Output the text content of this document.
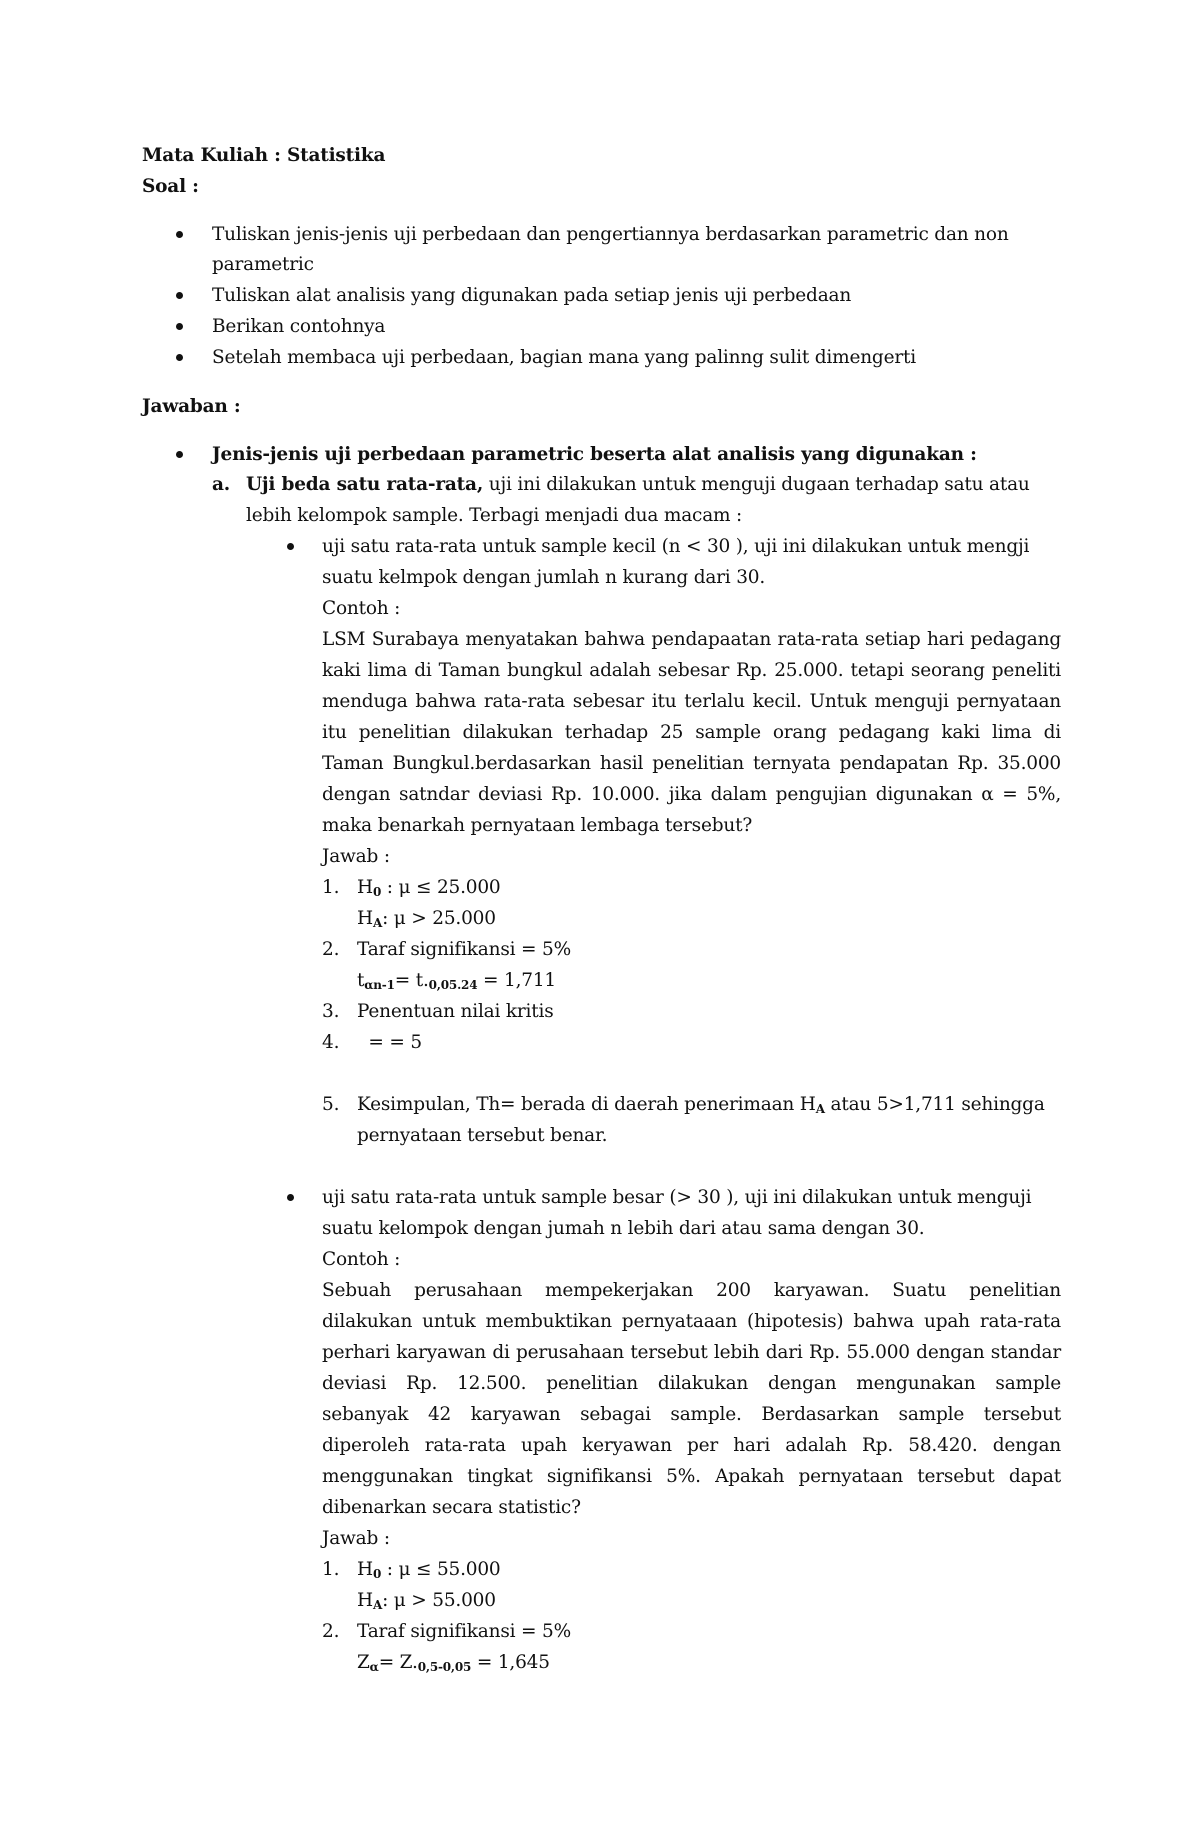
Mata Kuliah : Statistika
Soal :
Tuliskan jenis-jenis uji perbedaan dan pengertiannya berdasarkan parametric dan non
parametric
Tuliskan alat analisis yang digunakan pada setiap jenis uji perbedaan
Berikan contohnya
Setelah membaca uji perbedaan, bagian mana yang palinng sulit dimengerti
Jawaban :
Jenis-jenis uji perbedaan parametric beserta alat analisis yang digunakan :
a. Uji beda satu rata-rata, uji ini dilakukan untuk menguji dugaan terhadap satu atau
lebih kelompok sample. Terbagi menjadi dua macam :
uji satu rata-rata untuk sample kecil (n < 30 ), uji ini dilakukan untuk mengji
suatu kelmpok dengan jumlah n kurang dari 30.
Contoh :
LSM Surabaya menyatakan bahwa pendapaatan rata-rata setiap hari pedagang
kaki lima di Taman bungkul adalah sebesar Rp. 25.000. tetapi seorang peneliti
menduga bahwa rata-rata sebesar itu terlalu kecil. Untuk menguji pernyataan
itu penelitian dilakukan terhadap 25 sample orang pedagang kaki lima di
Taman Bungkul.berdasarkan hasil penelitian ternyata pendapatan Rp. 35.000
dengan satndar deviasi Rp. 10.000. jika dalam pengujian digunakan α = 5%,
maka benarkah pernyataan lembaga tersebut?
Jawab :
1. $H_0$ : μ ≤ 25.000
$H_A$: μ > 25.000
2. Taraf signifikansi = 5%
$t_{\alpha n-1}= t._{0,05.24} = 1,711$
3. Penentuan nilai kritis
4. = = 5
5. Kesimpulan, Th= berada di daerah penerimaan $H_A$ atau 5>1,711 sehingga
pernyataan tersebut benar.
uji satu rata-rata untuk sample besar (> 30 ), uji ini dilakukan untuk menguji
suatu kelompok dengan jumah n lebih dari atau sama dengan 30.
Contoh :
Sebuah perusahaan mempekerjakan 200 karyawan. Suatu penelitian
dilakukan untuk membuktikan pernyataaan (hipotesis) bahwa upah rata-rata
perhari karyawan di perusahaan tersebut lebih dari Rp. 55.000 dengan standar
deviasi Rp. 12.500. penelitian dilakukan dengan mengunakan sample
sebanyak 42 karyawan sebagai sample. Berdasarkan sample tersebut
diperoleh rata-rata upah keryawan per hari adalah Rp. 58.420. dengan
menggunakan tingkat signifikansi 5%. Apakah pernyataan tersebut dapat
dibenarkan secara statistic?
Jawab :
1. $H_0$ : μ ≤ 55.000
$H_A$: μ > 55.000
2. Taraf signifikansi = 5%
$Z_\alpha= Z._{0,5-0,05} = 1,645$
